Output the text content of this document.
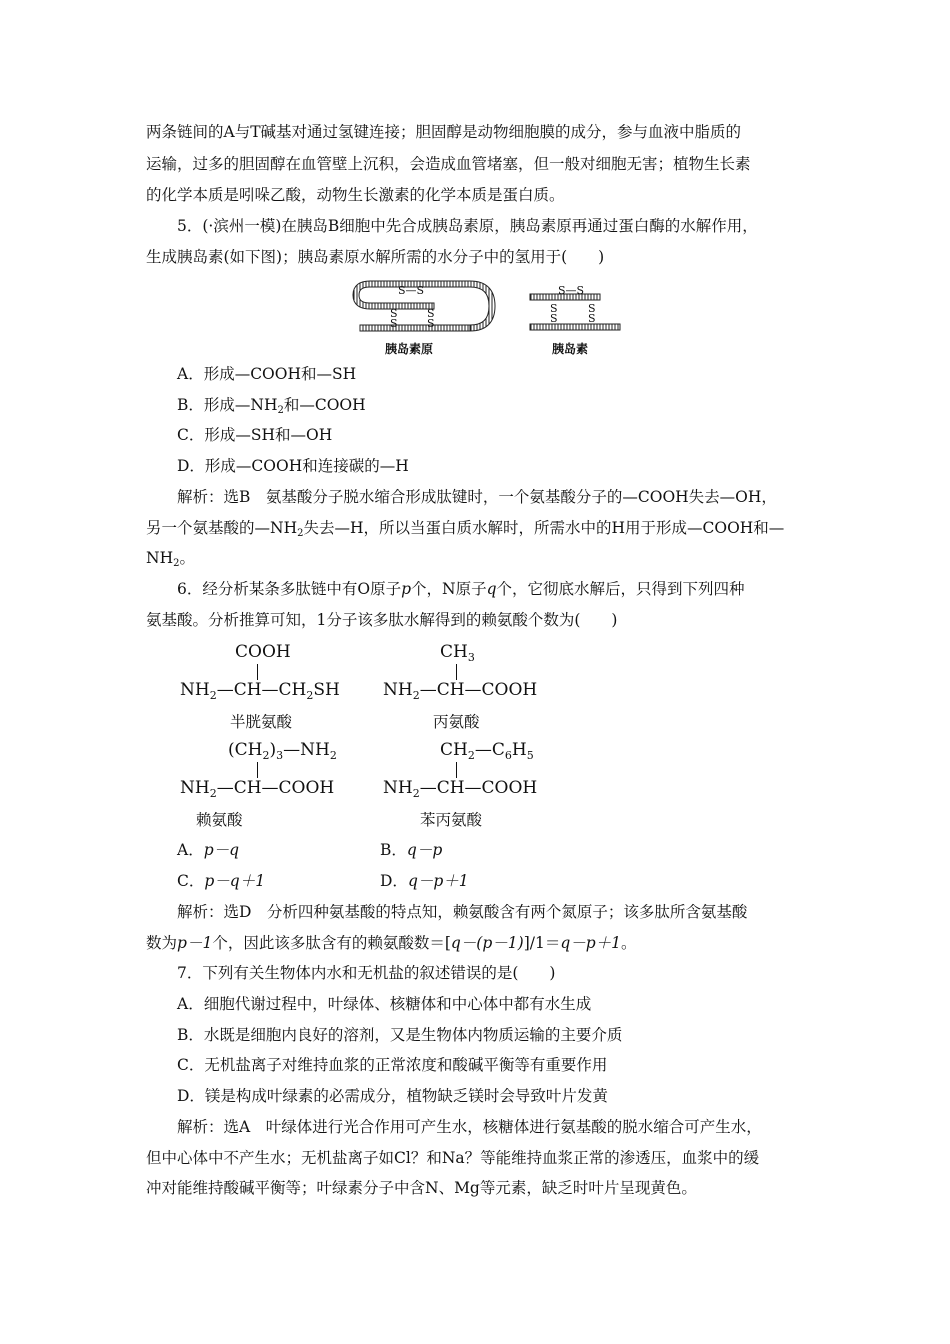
两条链间的A与T碱基对通过氢键连接；胆固醇是动物细胞膜的成分，参与血液中脂质的
运输，过多的胆固醇在血管壁上沉积，会造成血管堵塞，但一般对细胞无害；植物生长素
的化学本质是吲哚乙酸，动物生长激素的化学本质是蛋白质。
5．(·滨州一模)在胰岛B细胞中先合成胰岛素原，胰岛素原再通过蛋白酶的水解作用，
生成胰岛素(如下图)；胰岛素原水解所需的水分子中的氢用于(　　)
S—S
S
S
S
S
S—S
S
S
S
S
胰岛素原	胰岛素
A．形成—COOH和—SH
B．形成$—NH_2$和—COOH
C．形成—SH和—OH
D．形成—COOH和连接碳的—H
解析：选B　氨基酸分子脱水缩合形成肽键时，一个氨基酸分子的—COOH失去—OH，
另一个氨基酸的$—NH_2$失去—H，所以当蛋白质水解时，所需水中的H用于形成—COOH和—
$NH_2$。
6．经分析某条多肽链中有O原子p个，N原子q个，它彻底水解后，只得到下列四种
氨基酸。分析推算可知，1分子该多肽水解得到的赖氨酸个数为(　　)
COOH
$NH_2—CH—CH_2SH$
半胱氨酸
$CH_3$
$NH_2—CH—COOH$
丙氨酸
$(CH_2)_3—NH_2$
$NH_2—CH—COOH$
赖氨酸
$CH_2—C_6H_5$
$NH_2—CH—COOH$
苯丙氨酸
A．p－q	B．q－p
C．p－q＋1	D．q－p＋1
解析：选D　分析四种氨基酸的特点知，赖氨酸含有两个氮原子；该多肽所含氨基酸
数为p－1个，因此该多肽含有的赖氨酸数＝[q－(p－1)]/1＝q－p＋1。
7．下列有关生物体内水和无机盐的叙述错误的是(　　)
A．细胞代谢过程中，叶绿体、核糖体和中心体中都有水生成
B．水既是细胞内良好的溶剂，又是生物体内物质运输的主要介质
C．无机盐离子对维持血浆的正常浓度和酸碱平衡等有重要作用
D．镁是构成叶绿素的必需成分，植物缺乏镁时会导致叶片发黄
解析：选A　叶绿体进行光合作用可产生水，核糖体进行氨基酸的脱水缩合可产生水，
但中心体中不产生水；无机盐离子如Cl？和Na？等能维持血浆正常的渗透压，血浆中的缓
冲对能维持酸碱平衡等；叶绿素分子中含N、Mg等元素，缺乏时叶片呈现黄色。
